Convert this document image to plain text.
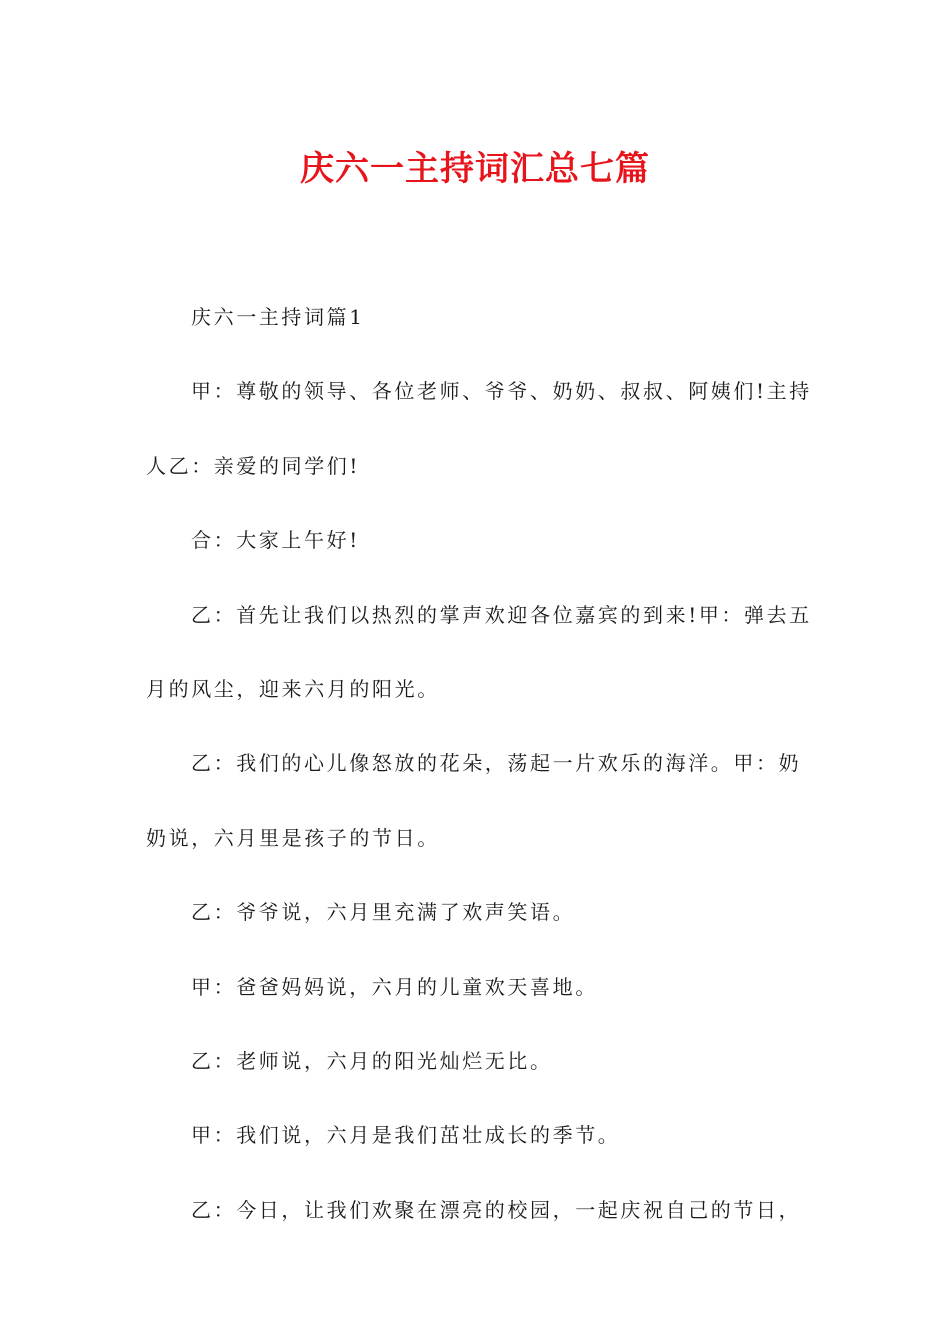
庆六一主持词汇总七篇

庆六一主持词篇1

甲：尊敬的领导、各位老师、爷爷、奶奶、叔叔、阿姨们!主持

人乙：亲爱的同学们!

合：大家上午好!

乙：首先让我们以热烈的掌声欢迎各位嘉宾的到来!甲：弹去五

月的风尘，迎来六月的阳光。

乙：我们的心儿像怒放的花朵，荡起一片欢乐的海洋。甲：奶

奶说，六月里是孩子的节日。

乙：爷爷说，六月里充满了欢声笑语。

甲：爸爸妈妈说，六月的儿童欢天喜地。

乙：老师说，六月的阳光灿烂无比。

甲：我们说，六月是我们茁壮成长的季节。

乙：今日，让我们欢聚在漂亮的校园，一起庆祝自己的节日，
